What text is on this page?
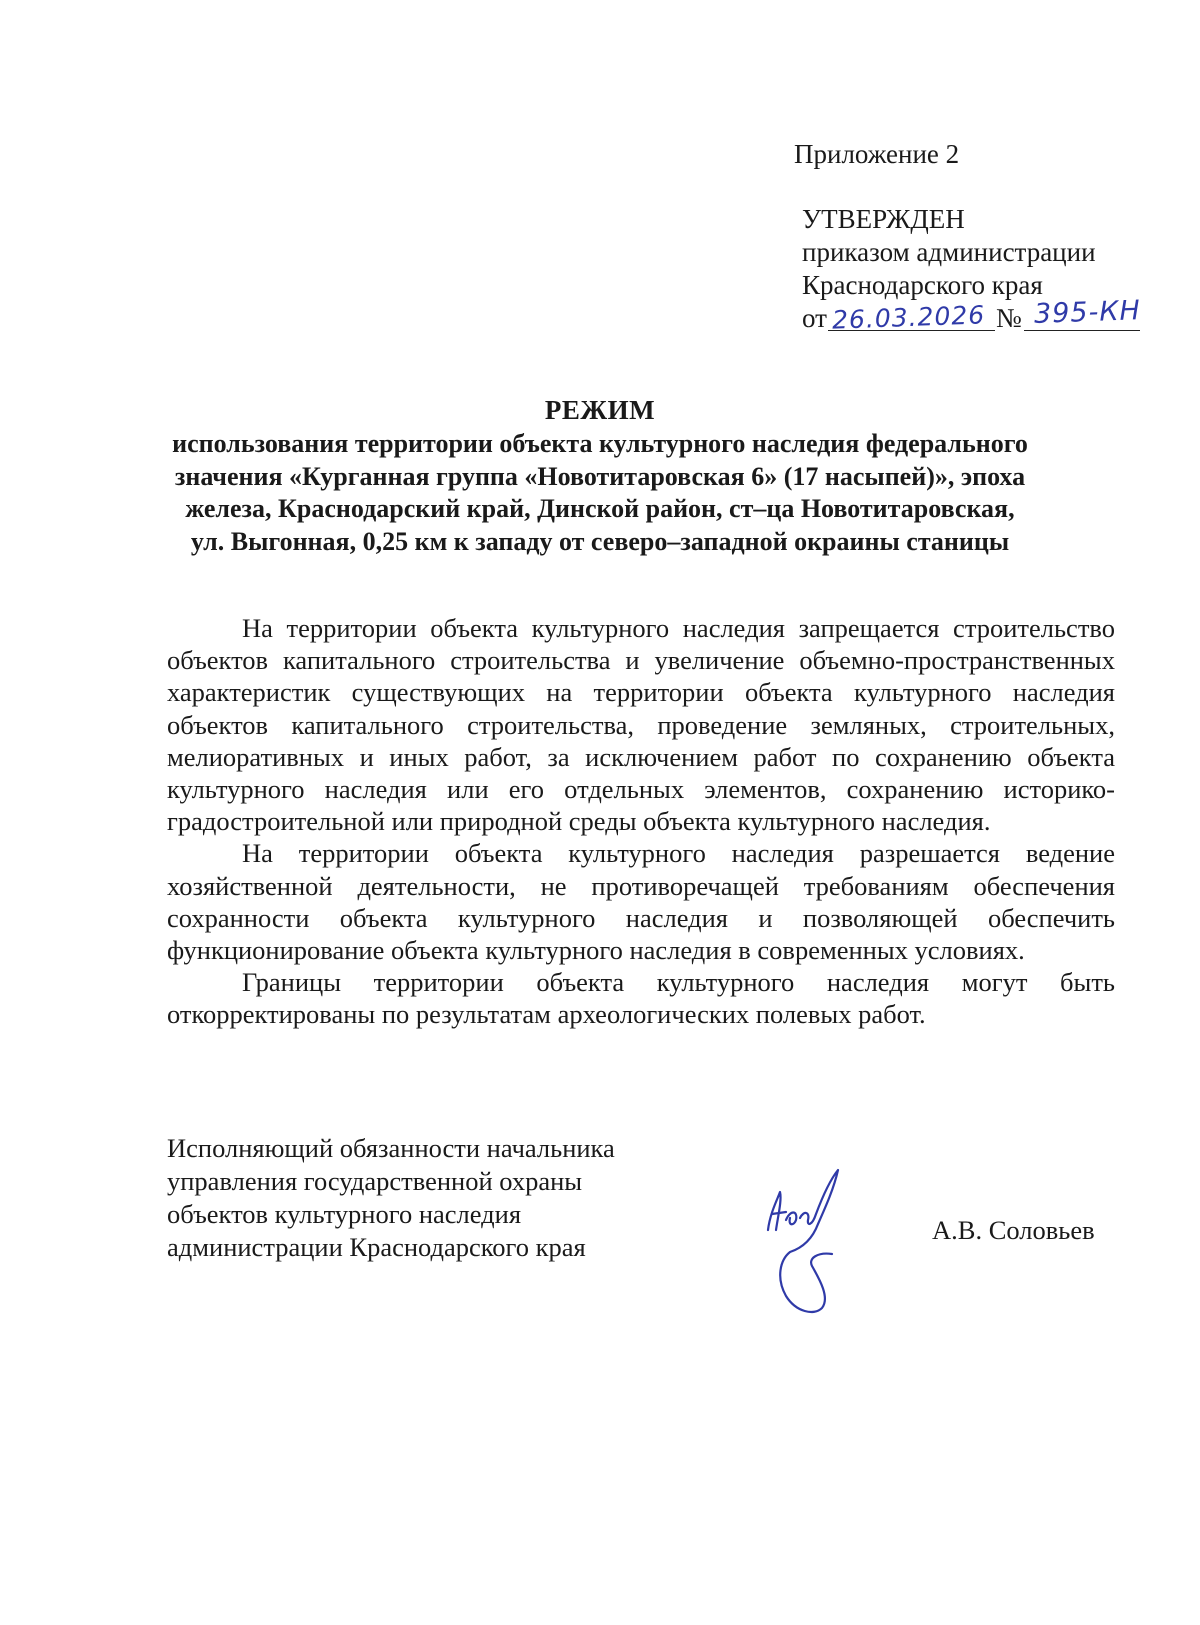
Приложение 2
УТВЕРЖДЕН
приказом администрации
Краснодарского края
от 26.03.2026 № 395-КН
РЕЖИМ
использования территории объекта культурного наследия федерального
значения «Курганная группа «Новотитаровская 6» (17 насыпей)», эпоха
железа, Краснодарский край, Динской район, ст–ца Новотитаровская,
ул. Выгонная, 0,25 км к западу от северо–западной окраины станицы

На территории объекта культурного наследия запрещается строительство объектов капитального строительства и увеличение объемно-пространственных характеристик существующих на территории объекта культурного наследия объектов капитального строительства, проведение земляных, строительных, мелиоративных и иных работ, за исключением работ по сохранению объекта культурного наследия или его отдельных элементов, сохранению историко-градостроительной или природной среды объекта культурного наследия.

На территории объекта культурного наследия разрешается ведение хозяйственной деятельности, не противоречащей требованиям обеспечения сохранности объекта культурного наследия и позволяющей обеспечить функционирование объекта культурного наследия в современных условиях.

Границы территории объекта культурного наследия могут быть откорректированы по результатам археологических полевых работ.

Исполняющий обязанности начальника
управления государственной охраны
объектов культурного наследия
администрации Краснодарского края
А.В. Соловьев
